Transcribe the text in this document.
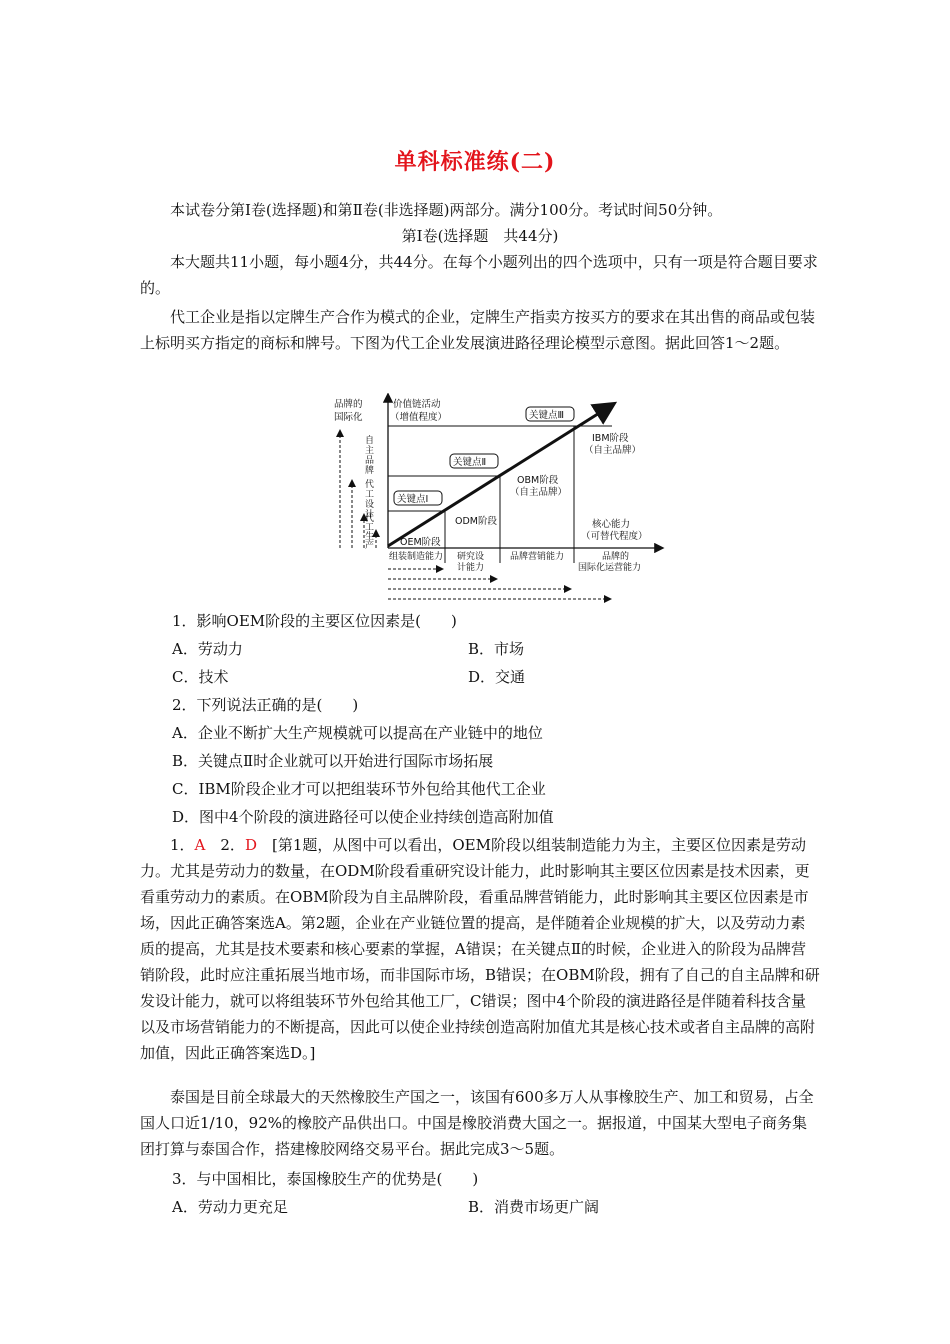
单科标准练(二)

本试卷分第Ⅰ卷(选择题)和第Ⅱ卷(非选择题)两部分。满分100分。考试时间50分钟。

第Ⅰ卷(选择题　共44分)

本大题共11小题，每小题4分，共44分。在每个小题列出的四个选项中，只有一项是符合题目要求的。

代工企业是指以定牌生产合作为模式的企业，定牌生产指卖方按买方的要求在其出售的商品或包装上标明买方指定的商标和牌号。下图为代工企业发展演进路径理论模型示意图。据此回答1～2题。

品牌的
国际化
价值链活动
（增值程度）
自主品牌
代工设计
代工生产
关键点Ⅰ
关键点Ⅱ
关键点Ⅲ
OEM阶段
ODM阶段
OBM阶段
（自主品牌）
IBM阶段
（自主品牌）
核心能力
（可替代程度）
组装制造能力 研究设
计能力
品牌营销能力	品牌的
国际化运营能力
1．影响OEM阶段的主要区位因素是(　　)
A．劳动力	B．市场
C．技术	D．交通
2．下列说法正确的是(　　)
A．企业不断扩大生产规模就可以提高在产业链中的地位
B．关键点Ⅱ时企业就可以开始进行国际市场拓展
C．IBM阶段企业才可以把组装环节外包给其他代工企业
D．图中4个阶段的演进路径可以使企业持续创造高附加值

1．A　2．D　[第1题，从图中可以看出，OEM阶段以组装制造能力为主，主要区位因素是劳动力。尤其是劳动力的数量，在ODM阶段看重研究设计能力，此时影响其主要区位因素是技术因素，更看重劳动力的素质。在OBM阶段为自主品牌阶段，看重品牌营销能力，此时影响其主要区位因素是市场，因此正确答案选A。第2题，企业在产业链位置的提高，是伴随着企业规模的扩大，以及劳动力素质的提高，尤其是技术要素和核心要素的掌握，A错误；在关键点Ⅱ的时候，企业进入的阶段为品牌营销阶段，此时应注重拓展当地市场，而非国际市场，B错误；在OBM阶段，拥有了自己的自主品牌和研发设计能力，就可以将组装环节外包给其他工厂，C错误；图中4个阶段的演进路径是伴随着科技含量以及市场营销能力的不断提高，因此可以使企业持续创造高附加值尤其是核心技术或者自主品牌的高附加值，因此正确答案选D。]

泰国是目前全球最大的天然橡胶生产国之一，该国有600多万人从事橡胶生产、加工和贸易，占全国人口近1/10，92%的橡胶产品供出口。中国是橡胶消费大国之一。据报道，中国某大型电子商务集团打算与泰国合作，搭建橡胶网络交易平台。据此完成3～5题。

3．与中国相比，泰国橡胶生产的优势是(　　)
A．劳动力更充足	B．消费市场更广阔
